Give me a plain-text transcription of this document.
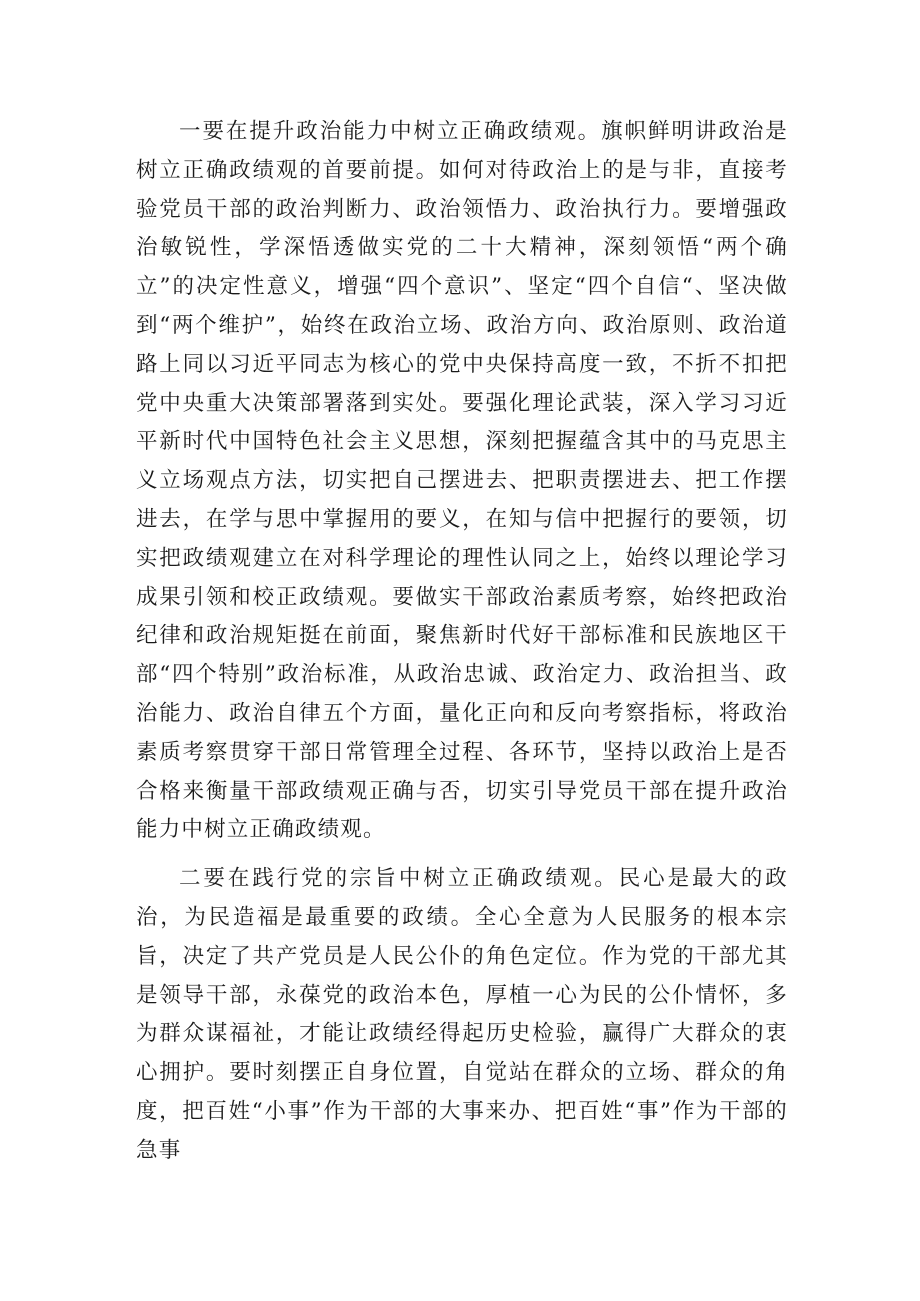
一要在提升政治能力中树立正确政绩观。旗帜鲜明讲政治是树立正确政绩观的首要前提。如何对待政治上的是与非，直接考验党员干部的政治判断力、政治领悟力、政治执行力。要增强政治敏锐性，学深悟透做实党的二十大精神，深刻领悟“两个确立”的决定性意义，增强“四个意识”、坚定“四个自信“、坚决做到“两个维护”，始终在政治立场、政治方向、政治原则、政治道路上同以习近平同志为核心的党中央保持高度一致，不折不扣把党中央重大决策部署落到实处。要强化理论武装，深入学习习近平新时代中国特色社会主义思想，深刻把握蕴含其中的马克思主义立场观点方法，切实把自己摆进去、把职责摆进去、把工作摆进去，在学与思中掌握用的要义，在知与信中把握行的要领，切实把政绩观建立在对科学理论的理性认同之上，始终以理论学习成果引领和校正政绩观。要做实干部政治素质考察，始终把政治纪律和政治规矩挺在前面，聚焦新时代好干部标准和民族地区干部“四个特别”政治标准，从政治忠诚、政治定力、政治担当、政治能力、政治自律五个方面，量化正向和反向考察指标，将政治素质考察贯穿干部日常管理全过程、各环节，坚持以政治上是否合格来衡量干部政绩观正确与否，切实引导党员干部在提升政治能力中树立正确政绩观。

二要在践行党的宗旨中树立正确政绩观。民心是最大的政治，为民造福是最重要的政绩。全心全意为人民服务的根本宗旨，决定了共产党员是人民公仆的角色定位。作为党的干部尤其是领导干部，永葆党的政治本色，厚植一心为民的公仆情怀，多为群众谋福祉，才能让政绩经得起历史检验，赢得广大群众的衷心拥护。要时刻摆正自身位置，自觉站在群众的立场、群众的角度，把百姓“小事”作为干部的大事来办、把百姓“事”作为干部的急事
